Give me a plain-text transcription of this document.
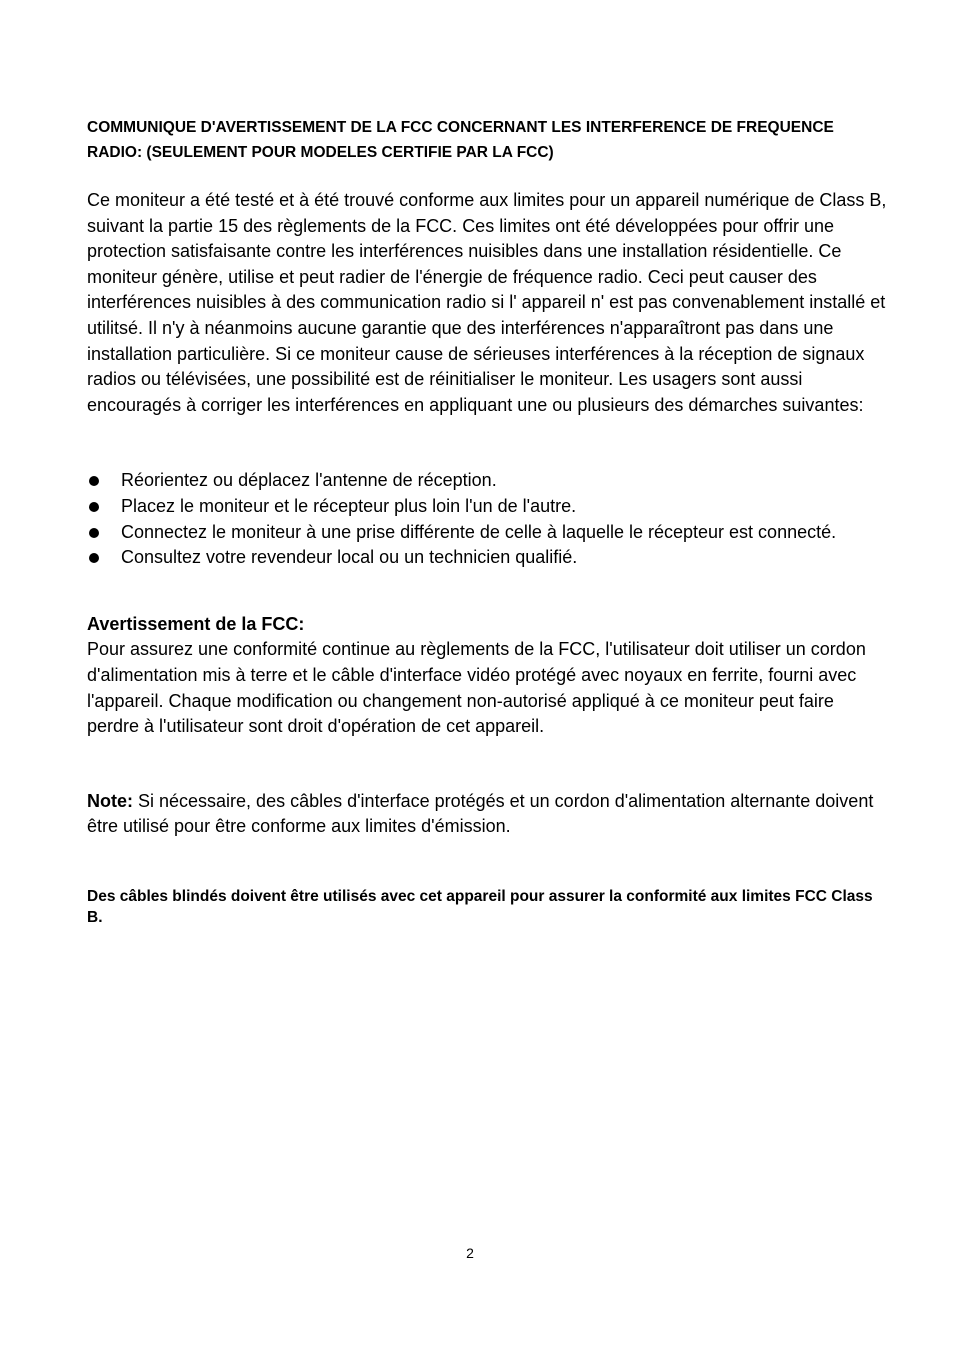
COMMUNIQUE D'AVERTISSEMENT DE LA FCC CONCERNANT LES INTERFERENCE DE FREQUENCE RADIO: (SEULEMENT POUR MODELES CERTIFIE PAR LA FCC)

Ce moniteur a été testé et à été trouvé conforme aux limites pour un appareil numérique de Class B, suivant la partie 15 des règlements de la FCC. Ces limites ont été développées pour offrir une protection satisfaisante contre les interférences nuisibles dans une installation résidentielle. Ce moniteur génère, utilise et peut radier de l'énergie de fréquence radio. Ceci peut causer des interférences nuisibles à des communication radio si l' appareil n' est pas convenablement installé et utilitsé. Il n'y à néanmoins aucune garantie que des interférences n'apparaîtront pas dans une installation particulière. Si ce moniteur cause de sérieuses interférences à la réception de signaux radios ou télévisées, une possibilité est de réinitialiser le moniteur. Les usagers sont aussi encouragés à corriger les interférences en appliquant une ou plusieurs des démarches suivantes:

Réorientez ou déplacez l'antenne de réception.
Placez le moniteur et le récepteur plus loin l'un de l'autre.
Connectez le moniteur à une prise différente de celle à laquelle le récepteur est connecté.
Consultez votre revendeur local ou un technicien qualifié.
Avertissement de la FCC:
Pour assurez une conformité continue au règlements de la FCC, l'utilisateur doit utiliser un cordon d'alimentation mis à terre et le câble d'interface vidéo protégé avec noyaux en ferrite, fourni avec l'appareil. Chaque modification ou changement non-autorisé appliqué à ce moniteur peut faire perdre à l'utilisateur sont droit d'opération de cet appareil.

Note: Si nécessaire, des câbles d'interface protégés et un cordon d'alimentation alternante doivent être utilisé pour être conforme aux limites d'émission.

Des câbles blindés doivent être utilisés avec cet appareil pour assurer la conformité aux limites FCC Class B.

2
